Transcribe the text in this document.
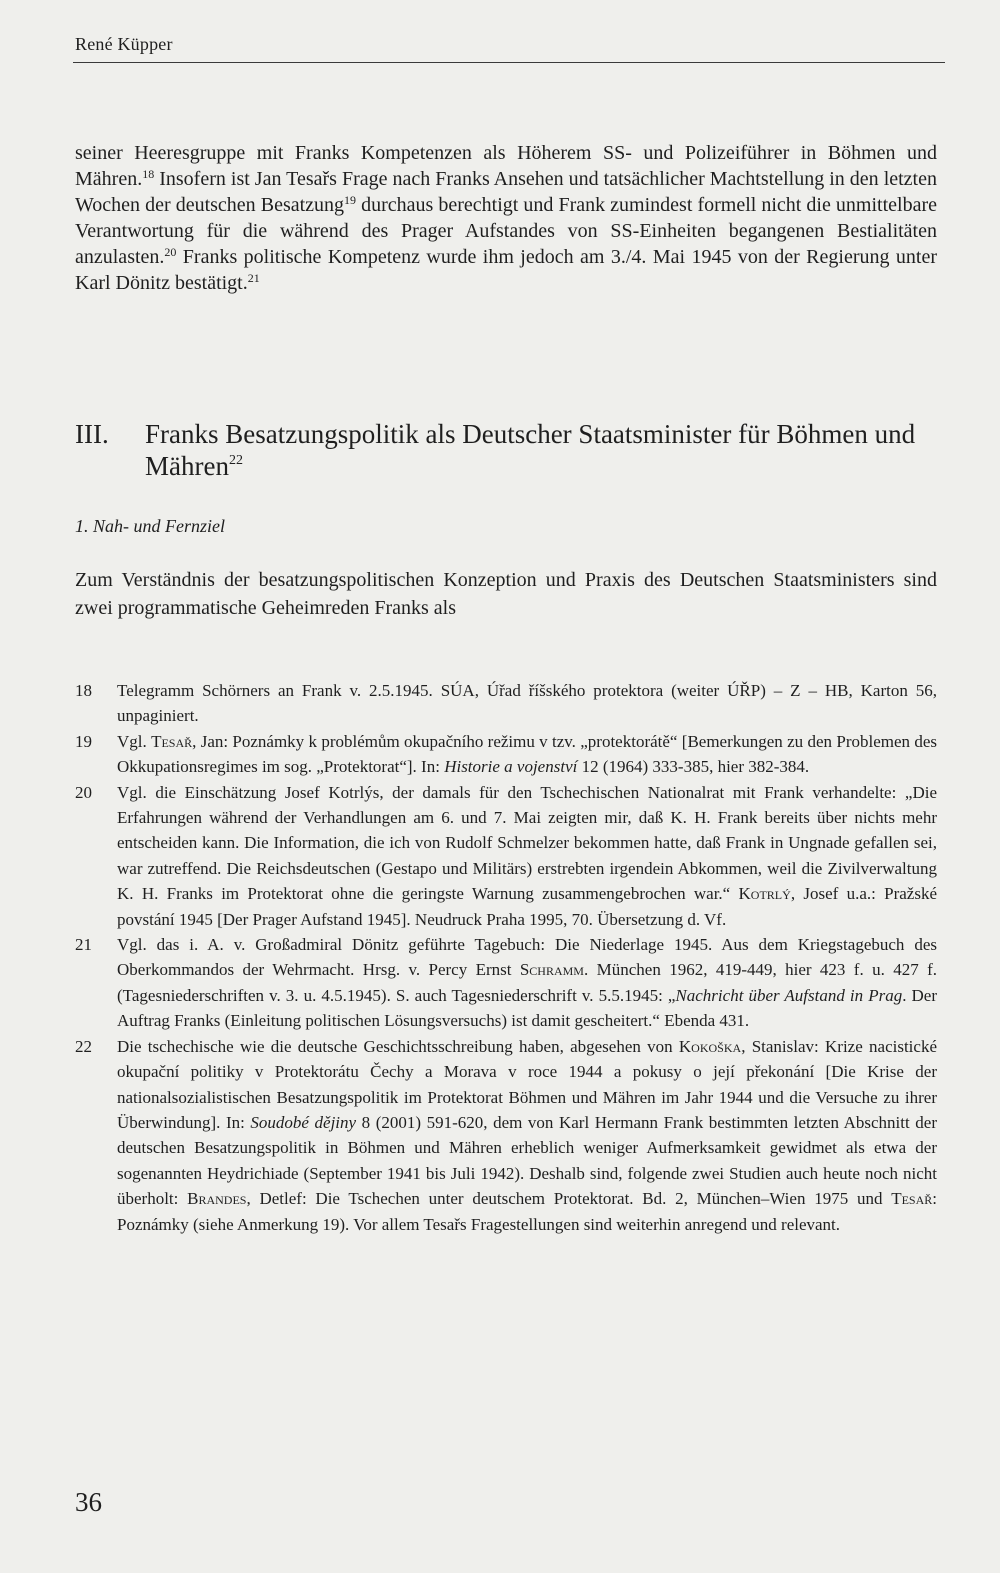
René Küpper

seiner Heeresgruppe mit Franks Kompetenzen als Höherem SS- und Polizeiführer in Böhmen und Mähren.$^{18}$ Insofern ist Jan Tesařs Frage nach Franks Ansehen und tatsächlicher Machtstellung in den letzten Wochen der deutschen Besatzung$^{19}$ durchaus berechtigt und Frank zumindest formell nicht die unmittelbare Verantwortung für die während des Prager Aufstandes von SS-Einheiten begangenen Bestialitäten anzulasten.$^{20}$ Franks politische Kompetenz wurde ihm jedoch am 3./4. Mai 1945 von der Regierung unter Karl Dönitz bestätigt.$^{21}$

III. Franks Besatzungspolitik als Deutscher Staatsminister für Böhmen und Mähren$^{22}$
1. Nah- und Fernziel
Zum Verständnis der besatzungspolitischen Konzeption und Praxis des Deutschen Staatsministers sind zwei programmatische Geheimreden Franks als

18 Telegramm Schörners an Frank v. 2.5.1945. SÚA, Úřad říšského protektora (weiter ÚŘP) – Z – HB, Karton 56, unpaginiert.

19 Vgl. Tesař, Jan: Poznámky k problémům okupačního režimu v tzv. „protektorátě“ [Bemerkungen zu den Problemen des Okkupationsregimes im sog. „Protektorat“]. In: Historie a vojenství 12 (1964) 333-385, hier 382-384.

20 Vgl. die Einschätzung Josef Kotrlýs, der damals für den Tschechischen Nationalrat mit Frank verhandelte: „Die Erfahrungen während der Verhandlungen am 6. und 7. Mai zeigten mir, daß K. H. Frank bereits über nichts mehr entscheiden kann. Die Information, die ich von Rudolf Schmelzer bekommen hatte, daß Frank in Ungnade gefallen sei, war zutreffend. Die Reichsdeutschen (Gestapo und Militärs) erstrebten irgendein Abkommen, weil die Zivilverwaltung K. H. Franks im Protektorat ohne die geringste Warnung zusammengebrochen war.“ Kotrlý, Josef u.a.: Pražské povstání 1945 [Der Prager Aufstand 1945]. Neudruck Praha 1995, 70. Übersetzung d. Vf.

21 Vgl. das i. A. v. Großadmiral Dönitz geführte Tagebuch: Die Niederlage 1945. Aus dem Kriegstagebuch des Oberkommandos der Wehrmacht. Hrsg. v. Percy Ernst Schramm. München 1962, 419-449, hier 423 f. u. 427 f. (Tagesniederschriften v. 3. u. 4.5.1945). S. auch Tagesniederschrift v. 5.5.1945: „Nachricht über Aufstand in Prag. Der Auftrag Franks (Einleitung politischen Lösungsversuchs) ist damit gescheitert.“ Ebenda 431.

22 Die tschechische wie die deutsche Geschichtsschreibung haben, abgesehen von Kokoška, Stanislav: Krize nacistické okupační politiky v Protektorátu Čechy a Morava v roce 1944 a pokusy o její překonání [Die Krise der nationalsozialistischen Besatzungspolitik im Protektorat Böhmen und Mähren im Jahr 1944 und die Versuche zu ihrer Überwindung]. In: Soudobé dějiny 8 (2001) 591-620, dem von Karl Hermann Frank bestimmten letzten Abschnitt der deutschen Besatzungspolitik in Böhmen und Mähren erheblich weniger Aufmerksamkeit gewidmet als etwa der sogenannten Heydrichiade (September 1941 bis Juli 1942). Deshalb sind, folgende zwei Studien auch heute noch nicht überholt: Brandes, Detlef: Die Tschechen unter deutschem Protektorat. Bd. 2, München–Wien 1975 und Tesař: Poznámky (siehe Anmerkung 19). Vor allem Tesařs Fragestellungen sind weiterhin anregend und relevant.

36
